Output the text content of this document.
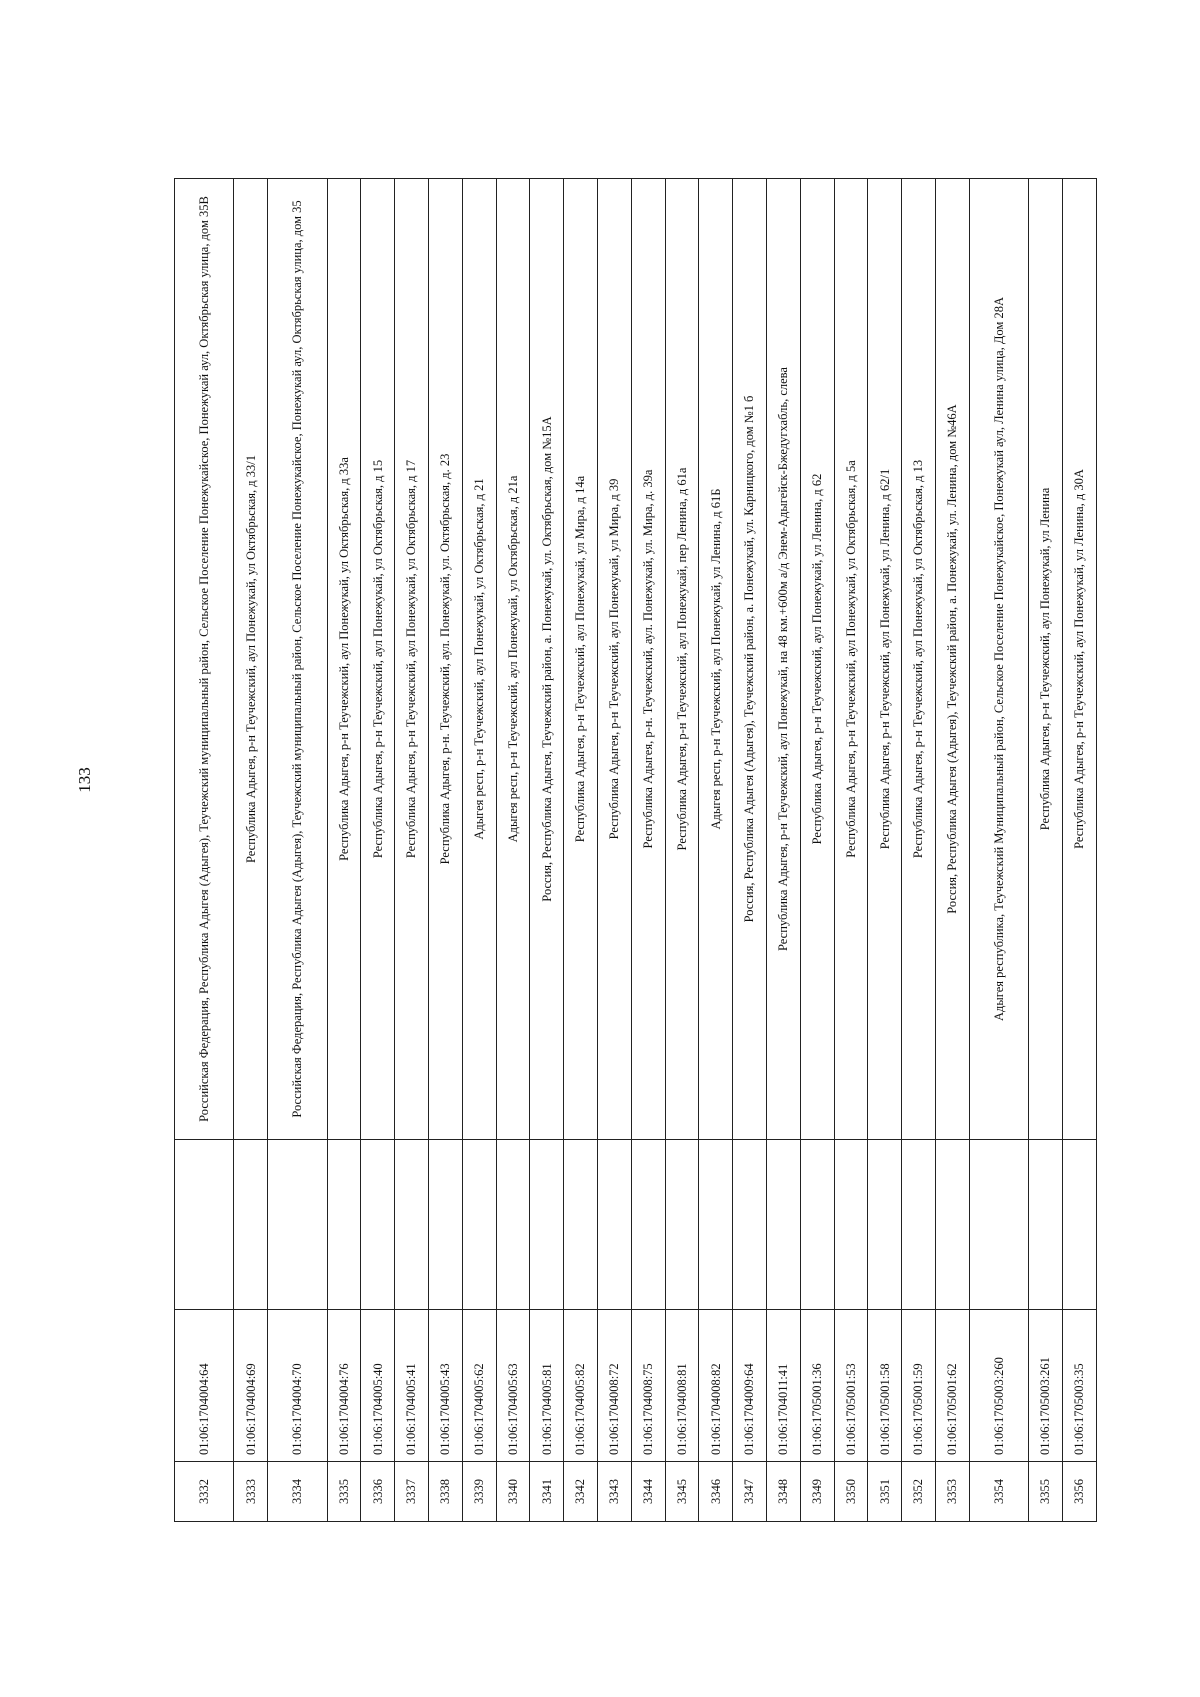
133
3332	01:06:1704004:64		Российская Федерация, Республика Адыгея (Адыгея), Теучежский муниципальный район, Сельское Поселение Понежукайское, Понежукай аул, Октябрьская улица, дом 35В
3333	01:06:1704004:69		Республика Адыгея, р-н Теучежский, аул Понежукай, ул Октябрьская, д 33/1
3334	01:06:1704004:70		Российская Федерация, Республика Адыгея (Адыгея), Теучежский муниципальный район, Сельское Поселение Понежукайское, Понежукай аул, Октябрьская улица, дом 35
3335	01:06:1704004:76		Республика Адыгея, р-н Теучежский, аул Понежукай, ул Октябрьская, д 33а
3336	01:06:1704005:40		Республика Адыгея, р-н Теучежский, аул Понежукай, ул Октябрьская, д 15
3337	01:06:1704005:41		Республика Адыгея, р-н Теучежский, аул Понежукай, ул Октябрьская, д 17
3338	01:06:1704005:43		Республика Адыгея, р-н. Теучежский, аул. Понежукай, ул. Октябрьская, д. 23
3339	01:06:1704005:62		Адыгея респ, р-н Теучежский, аул Понежукай, ул Октябрьская, д 21
3340	01:06:1704005:63		Адыгея респ, р-н Теучежский, аул Понежукай, ул Октябрьская, д 21а
3341	01:06:1704005:81		Россия, Республика Адыгея, Теучежский район, а. Понежукай, ул. Октябрьская, дом №15А
3342	01:06:1704005:82		Республика Адыгея, р-н Теучежский, аул Понежукай, ул Мира, д 14а
3343	01:06:1704008:72		Республика Адыгея, р-н Теучежский, аул Понежукай, ул Мира, д 39
3344	01:06:1704008:75		Республика Адыгея, р-н. Теучежский, аул. Понежукай, ул. Мира, д. 39а
3345	01:06:1704008:81		Республика Адыгея, р-н Теучежский, аул Понежукай, пер Ленина, д 61а
3346	01:06:1704008:82		Адыгея респ, р-н Теучежский, аул Понежукай, ул Ленина, д 61Б
3347	01:06:1704009:64		Россия, Республика Адыгея (Адыгея), Теучежский район, а. Понежукай, ул. Карницкого, дом №1 б
3348	01:06:1704011:41		Республика Адыгея, р-н Теучежский, аул Понежукай, на 48 км.+600м а/д Энем-Адыгейск-Бжедугхабль, слева
3349	01:06:1705001:36		Республика Адыгея, р-н Теучежский, аул Понежукай, ул Ленина, д 62
3350	01:06:1705001:53		Республика Адыгея, р-н Теучежский, аул Понежукай, ул Октябрьская, д 5а
3351	01:06:1705001:58		Республика Адыгея, р-н Теучежский, аул Понежукай, ул Ленина, д 62/1
3352	01:06:1705001:59		Республика Адыгея, р-н Теучежский, аул Понежукай, ул Октябрьская, д 13
3353	01:06:1705001:62		Россия, Республика Адыгея (Адыгея), Теучежский район, а. Понежукай, ул. Ленина, дом №46А
3354	01:06:1705003:260		Адыгея республика, Теучежский Муниципальный район, Сельское Поселение Понежукайское, Понежукай аул, Ленина улица, Дом 28А
3355	01:06:1705003:261		Республика Адыгея, р-н Теучежский, аул Понежукай, ул Ленина
3356	01:06:1705003:35		Республика Адыгея, р-н Теучежский, аул Понежукай, ул Ленина, д 30А
